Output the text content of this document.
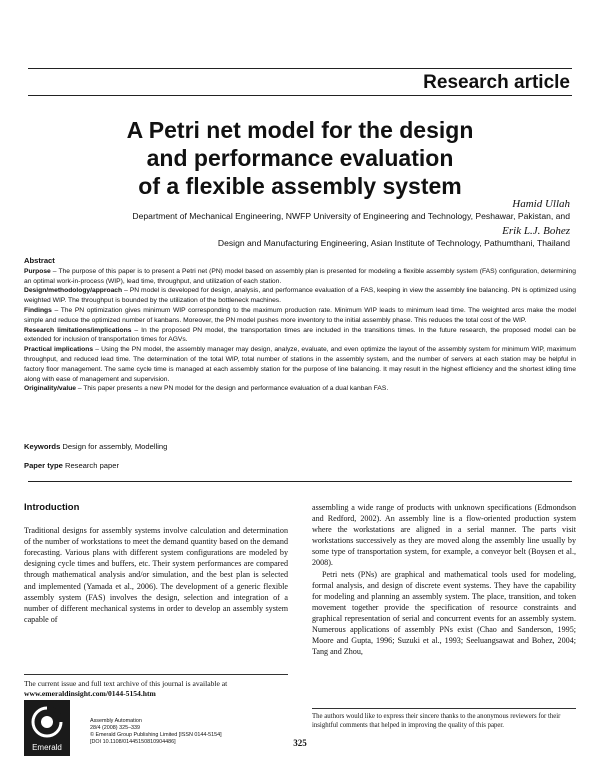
Research article
A Petri net model for the design
and performance evaluation
of a flexible assembly system
Hamid Ullah
Department of Mechanical Engineering, NWFP University of Engineering and Technology, Peshawar, Pakistan, and
Erik L.J. Bohez
Design and Manufacturing Engineering, Asian Institute of Technology, Pathumthani, Thailand

Abstract

Purpose – The purpose of this paper is to present a Petri net (PN) model based on assembly plan is presented for modeling a flexible assembly system (FAS) configuration, determining an optimal work-in-process (WIP), lead time, throughput, and utilization of each station.

Design/methodology/approach – PN model is developed for design, analysis, and performance evaluation of a FAS, keeping in view the assembly line balancing. PN is optimized using weighted WIP. The throughput is bounded by the utilization of the bottleneck machines.

Findings – The PN optimization gives minimum WIP corresponding to the maximum production rate. Minimum WIP leads to minimum lead time. The weighted arcs make the model simple and reduce the optimized number of kanbans. Moreover, the PN model pushes more inventory to the initial assembly phase. This reduces the total cost of the WIP.

Research limitations/implications – In the proposed PN model, the transportation times are included in the transitions times. In the future research, the proposed model can be extended for inclusion of transportation times for AGVs.

Practical implications – Using the PN model, the assembly manager may design, analyze, evaluate, and even optimize the layout of the assembly system for minimum WIP, maximum throughput, and reduced lead time. The determination of the total WIP, total number of stations in the assembly system, and the number of servers at each station may be helpful in factory floor management. The same cycle time is managed at each assembly station for the purpose of line balancing. It may result in the highest efficiency and the shortest idling time along with ease of management and supervision.

Originality/value – This paper presents a new PN model for the design and performance evaluation of a dual kanban FAS.

Keywords Design for assembly, Modelling
Paper type Research paper

Introduction

Traditional designs for assembly systems involve calculation and determination of the number of workstations to meet the demand quantity based on the demand forecasting. Various plans with different system configurations are modeled by designing cycle times and buffers, etc. Their system performances are compared through mathematical analysis and/or simulation, and the best plan is selected and implemented (Yamada et al., 2006). The development of a generic flexible assembly system (FAS) involves the design, selection and integration of a number of different mechanical systems in order to develop an assembly system capable of

assembling a wide range of products with unknown specifications (Edmondson and Redford, 2002). An assembly line is a flow-oriented production system where the workstations are aligned in a serial manner. The parts visit workstations successively as they are moved along the assembly line usually by some type of transportation system, for example, a conveyor belt (Boysen et al., 2008).

Petri nets (PNs) are graphical and mathematical tools used for modeling, formal analysis, and design of discrete event systems. They have the capability for modeling and planning an assembly system. The place, transition, and token movement together provide the specification of resource constraints and graphical representation of serial and concurrent events for an assembly system. Numerous applications of assembly PNs exist (Chao and Sanderson, 1995; Moore and Gupta, 1996; Suzuki et al., 1993; Seeluangsawat and Bohez, 2004; Tang and Zhou,

The current issue and full text archive of this journal is available at
www.emeraldinsight.com/0144-5154.htm
Emerald
Assembly Automation
28/4 (2008) 325–339
© Emerald Group Publishing Limited [ISSN 0144-5154]
[DOI 10.1108/01445150810904486]
The authors would like to express their sincere thanks to the anonymous reviewers for their insightful comments that helped in improving the quality of this paper.
325
